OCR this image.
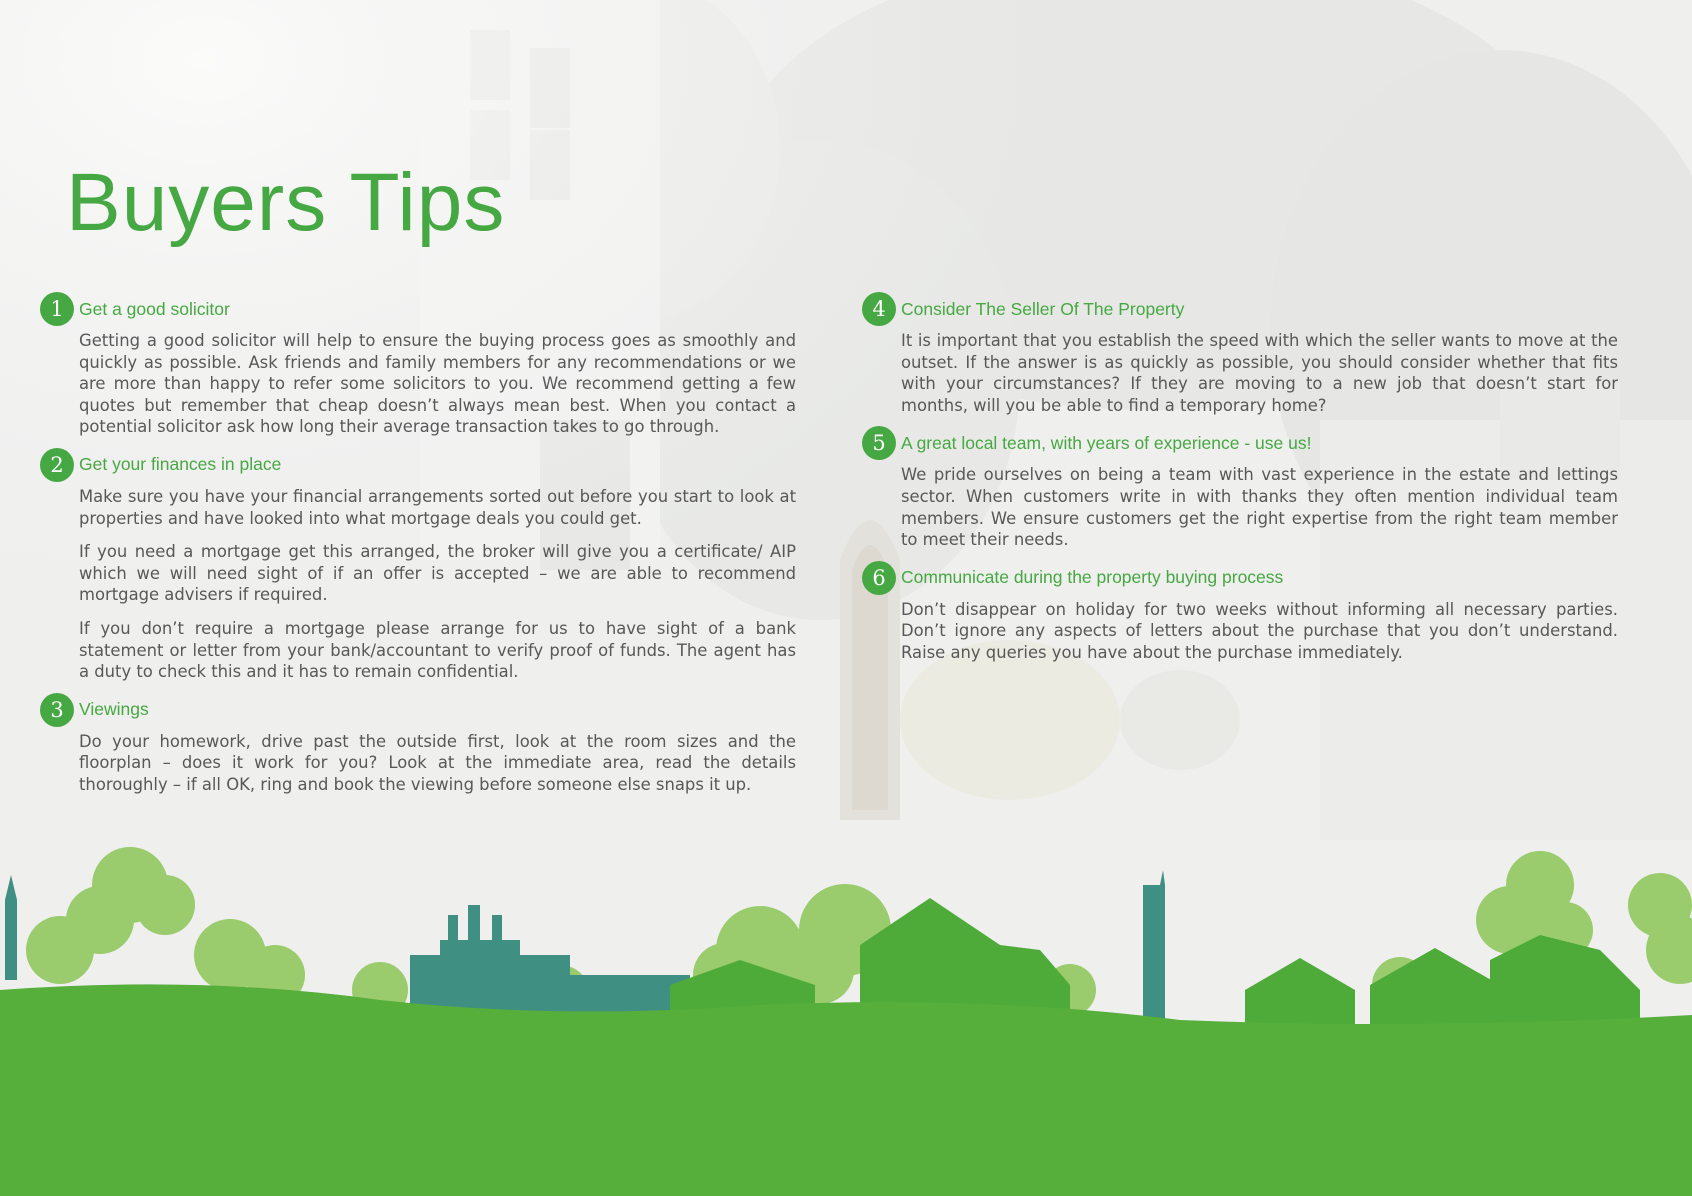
Buyers Tips
1 Get a good solicitor

Getting a good solicitor will help to ensure the buying process goes as smoothly and quickly as possible. Ask friends and family members for any recommendations or we are more than happy to refer some solicitors to you. We recommend getting a few quotes but remember that cheap doesn’t always mean best. When you contact a potential solicitor ask how long their average transaction takes to go through.

2 Get your finances in place

Make sure you have your financial arrangements sorted out before you start to look at properties and have looked into what mortgage deals you could get.

If you need a mortgage get this arranged, the broker will give you a certificate/ AIP which we will need sight of if an offer is accepted – we are able to recommend mortgage advisers if required.

If you don’t require a mortgage please arrange for us to have sight of a bank statement or letter from your bank/accountant to verify proof of funds. The agent has a duty to check this and it has to remain confidential.

3 Viewings

Do your homework, drive past the outside first, look at the room sizes and the floorplan – does it work for you? Look at the immediate area, read the details thoroughly – if all OK, ring and book the viewing before someone else snaps it up.

4 Consider The Seller Of The Property

It is important that you establish the speed with which the seller wants to move at the outset. If the answer is as quickly as possible, you should consider whether that fits with your circumstances? If they are moving to a new job that doesn’t start for months, will you be able to find a temporary home?

5 A great local team, with years of experience - use us!

We pride ourselves on being a team with vast experience in the estate and lettings sector. When customers write in with thanks they often mention individual team members. We ensure customers get the right expertise from the right team member to meet their needs.

6 Communicate during the property buying process

Don’t disappear on holiday for two weeks without informing all necessary parties. Don’t ignore any aspects of letters about the purchase that you don’t understand. Raise any queries you have about the purchase immediately.
